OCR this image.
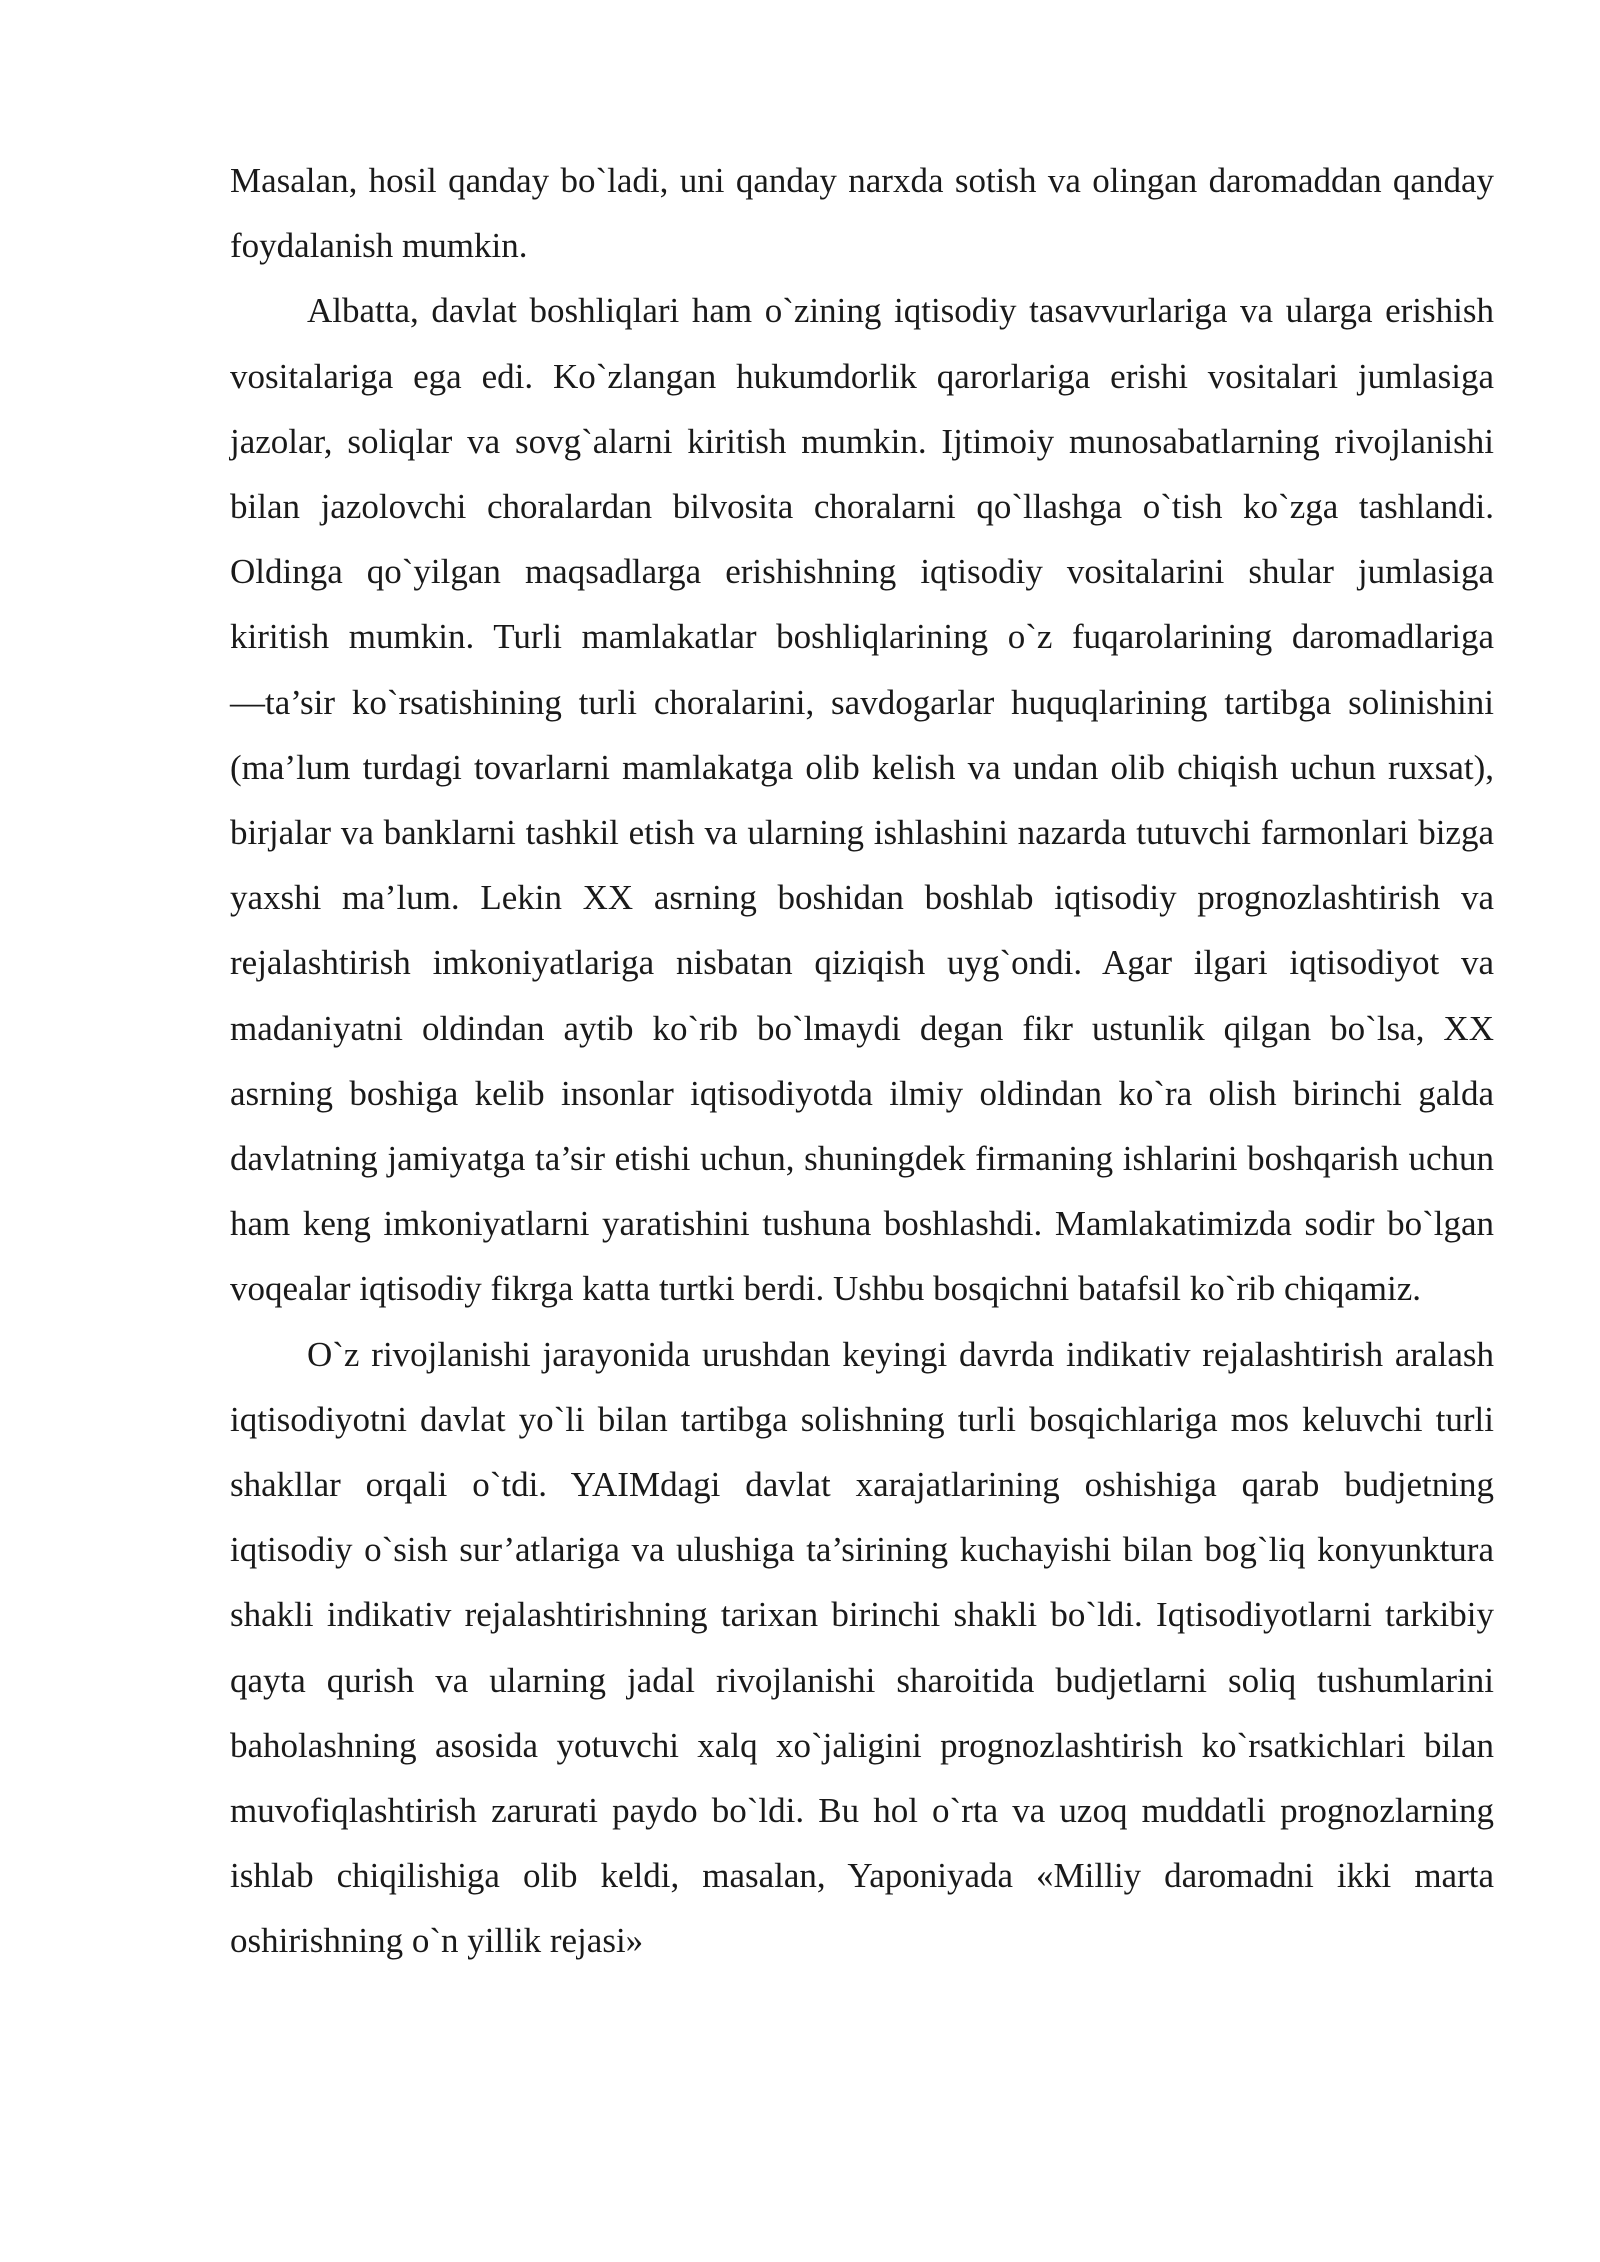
Masalan, hosil qanday bo`ladi, uni qanday narxda sotish va olingan daromaddan qanday foydalanish mumkin.

Albatta, davlat boshliqlari ham o`zining iqtisodiy tasavvurlariga va ularga erishish vositalariga ega edi. Ko`zlangan hukumdorlik qarorlariga erishi vositalari jumlasiga jazolar, soliqlar va sovg`alarni kiritish mumkin. Ijtimoiy munosabatlarning rivojlanishi bilan jazolovchi choralardan bilvosita choralarni qo`llashga o`tish ko`zga tashlandi. Oldinga qo`yilgan maqsadlarga erishishning iqtisodiy vositalarini shular jumlasiga kiritish mumkin. Turli mamlakatlar boshliqlarining o`z fuqarolarining daromadlariga ―ta’sir ko`rsatishining turli choralarini, savdogarlar huquqlarining tartibga solinishini (ma’lum turdagi tovarlarni mamlakatga olib kelish va undan olib chiqish uchun ruxsat), birjalar va banklarni tashkil etish va ularning ishlashini nazarda tutuvchi farmonlari bizga yaxshi ma’lum. Lekin XX asrning boshidan boshlab iqtisodiy prognozlashtirish va rejalashtirish imkoniyatlariga nisbatan qiziqish uyg`ondi. Agar ilgari iqtisodiyot va madaniyatni oldindan aytib ko`rib bo`lmaydi degan fikr ustunlik qilgan bo`lsa, XX asrning boshiga kelib insonlar iqtisodiyotda ilmiy oldindan ko`ra olish birinchi galda davlatning jamiyatga ta’sir etishi uchun, shuningdek firmaning ishlarini boshqarish uchun ham keng imkoniyatlarni yaratishini tushuna boshlashdi. Mamlakatimizda sodir bo`lgan voqealar iqtisodiy fikrga katta turtki berdi. Ushbu bosqichni batafsil ko`rib chiqamiz.

O`z rivojlanishi jarayonida urushdan keyingi davrda indikativ rejalashtirish aralash iqtisodiyotni davlat yo`li bilan tartibga solishning turli bosqichlariga mos keluvchi turli shakllar orqali o`tdi. YAIMdagi davlat xarajatlarining oshishiga qarab budjetning iqtisodiy o`sish sur’atlariga va ulushiga ta’sirining kuchayishi bilan bog`liq konyunktura shakli indikativ rejalashtirishning tarixan birinchi shakli bo`ldi. Iqtisodiyotlarni tarkibiy qayta qurish va ularning jadal rivojlanishi sharoitida budjetlarni soliq tushumlarini baholashning asosida yotuvchi xalq xo`jaligini prognozlashtirish ko`rsatkichlari bilan muvofiqlashtirish zarurati paydo bo`ldi. Bu hol o`rta va uzoq muddatli prognozlarning ishlab chiqilishiga olib keldi, masalan, Yaponiyada «Milliy daromadni ikki marta oshirishning o`n yillik rejasi»
